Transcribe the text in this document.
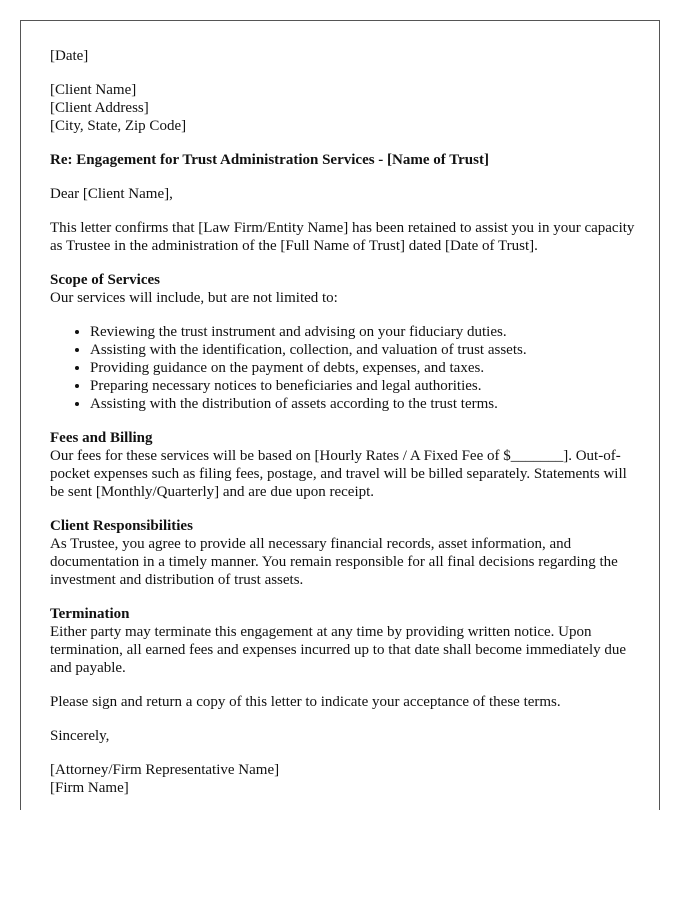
[Date]

[Client Name]

[Client Address]

[City, State, Zip Code]

Re: Engagement for Trust Administration Services - [Name of Trust]

Dear [Client Name],

This letter confirms that [Law Firm/Entity Name] has been retained to assist you in your capacity as Trustee in the administration of the [Full Name of Trust] dated [Date of Trust].

Scope of Services
Our services will include, but are not limited to:
• Reviewing the trust instrument and advising on your fiduciary duties.
• Assisting with the identification, collection, and valuation of trust assets.
• Providing guidance on the payment of debts, expenses, and taxes.
• Preparing necessary notices to beneficiaries and legal authorities.
• Assisting with the distribution of assets according to the trust terms.
Fees and Billing

Our fees for these services will be based on [Hourly Rates / A Fixed Fee of $_______]. Out-of-pocket expenses such as filing fees, postage, and travel will be billed separately. Statements will be sent [Monthly/Quarterly] and are due upon receipt.

Client Responsibilities

As Trustee, you agree to provide all necessary financial records, asset information, and documentation in a timely manner. You remain responsible for all final decisions regarding the investment and distribution of trust assets.

Termination

Either party may terminate this engagement at any time by providing written notice. Upon termination, all earned fees and expenses incurred up to that date shall become immediately due and payable.

Please sign and return a copy of this letter to indicate your acceptance of these terms.

Sincerely,

[Attorney/Firm Representative Name]

[Firm Name]
